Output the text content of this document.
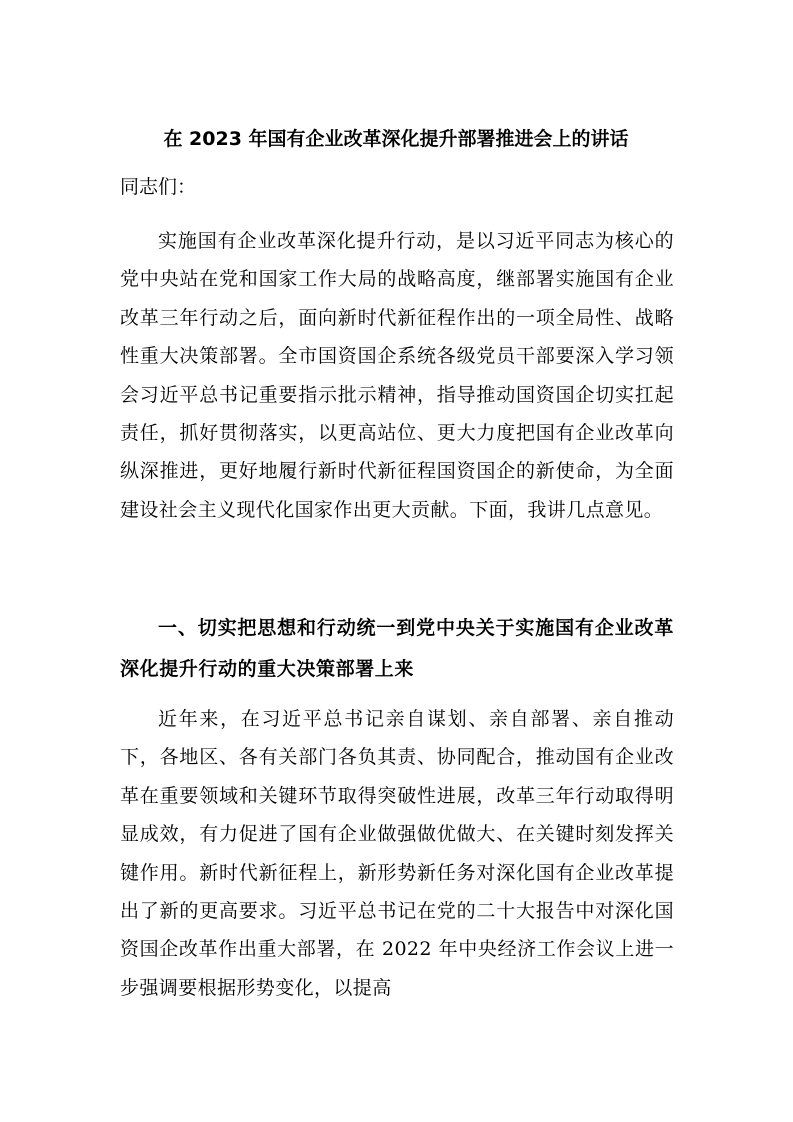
在 2023 年国有企业改革深化提升部署推进会上的讲话
同志们：
实施国有企业改革深化提升行动，是以习近平同志为核心的党中央站在党和国家工作大局的战略高度，继部署实施国有企业改革三年行动之后，面向新时代新征程作出的一项全局性、战略性重大决策部署。全市国资国企系统各级党员干部要深入学习领会习近平总书记重要指示批示精神，指导推动国资国企切实扛起责任，抓好贯彻落实，以更高站位、更大力度把国有企业改革向纵深推进，更好地履行新时代新征程国资国企的新使命，为全面建设社会主义现代化国家作出更大贡献。下面，我讲几点意见。
一、切实把思想和行动统一到党中央关于实施国有企业改革深化提升行动的重大决策部署上来
近年来，在习近平总书记亲自谋划、亲自部署、亲自推动下，各地区、各有关部门各负其责、协同配合，推动国有企业改革在重要领域和关键环节取得突破性进展，改革三年行动取得明显成效，有力促进了国有企业做强做优做大、在关键时刻发挥关键作用。新时代新征程上，新形势新任务对深化国有企业改革提出了新的更高要求。习近平总书记在党的二十大报告中对深化国资国企改革作出重大部署，在 2022 年中央经济工作会议上进一步强调要根据形势变化，以提高
